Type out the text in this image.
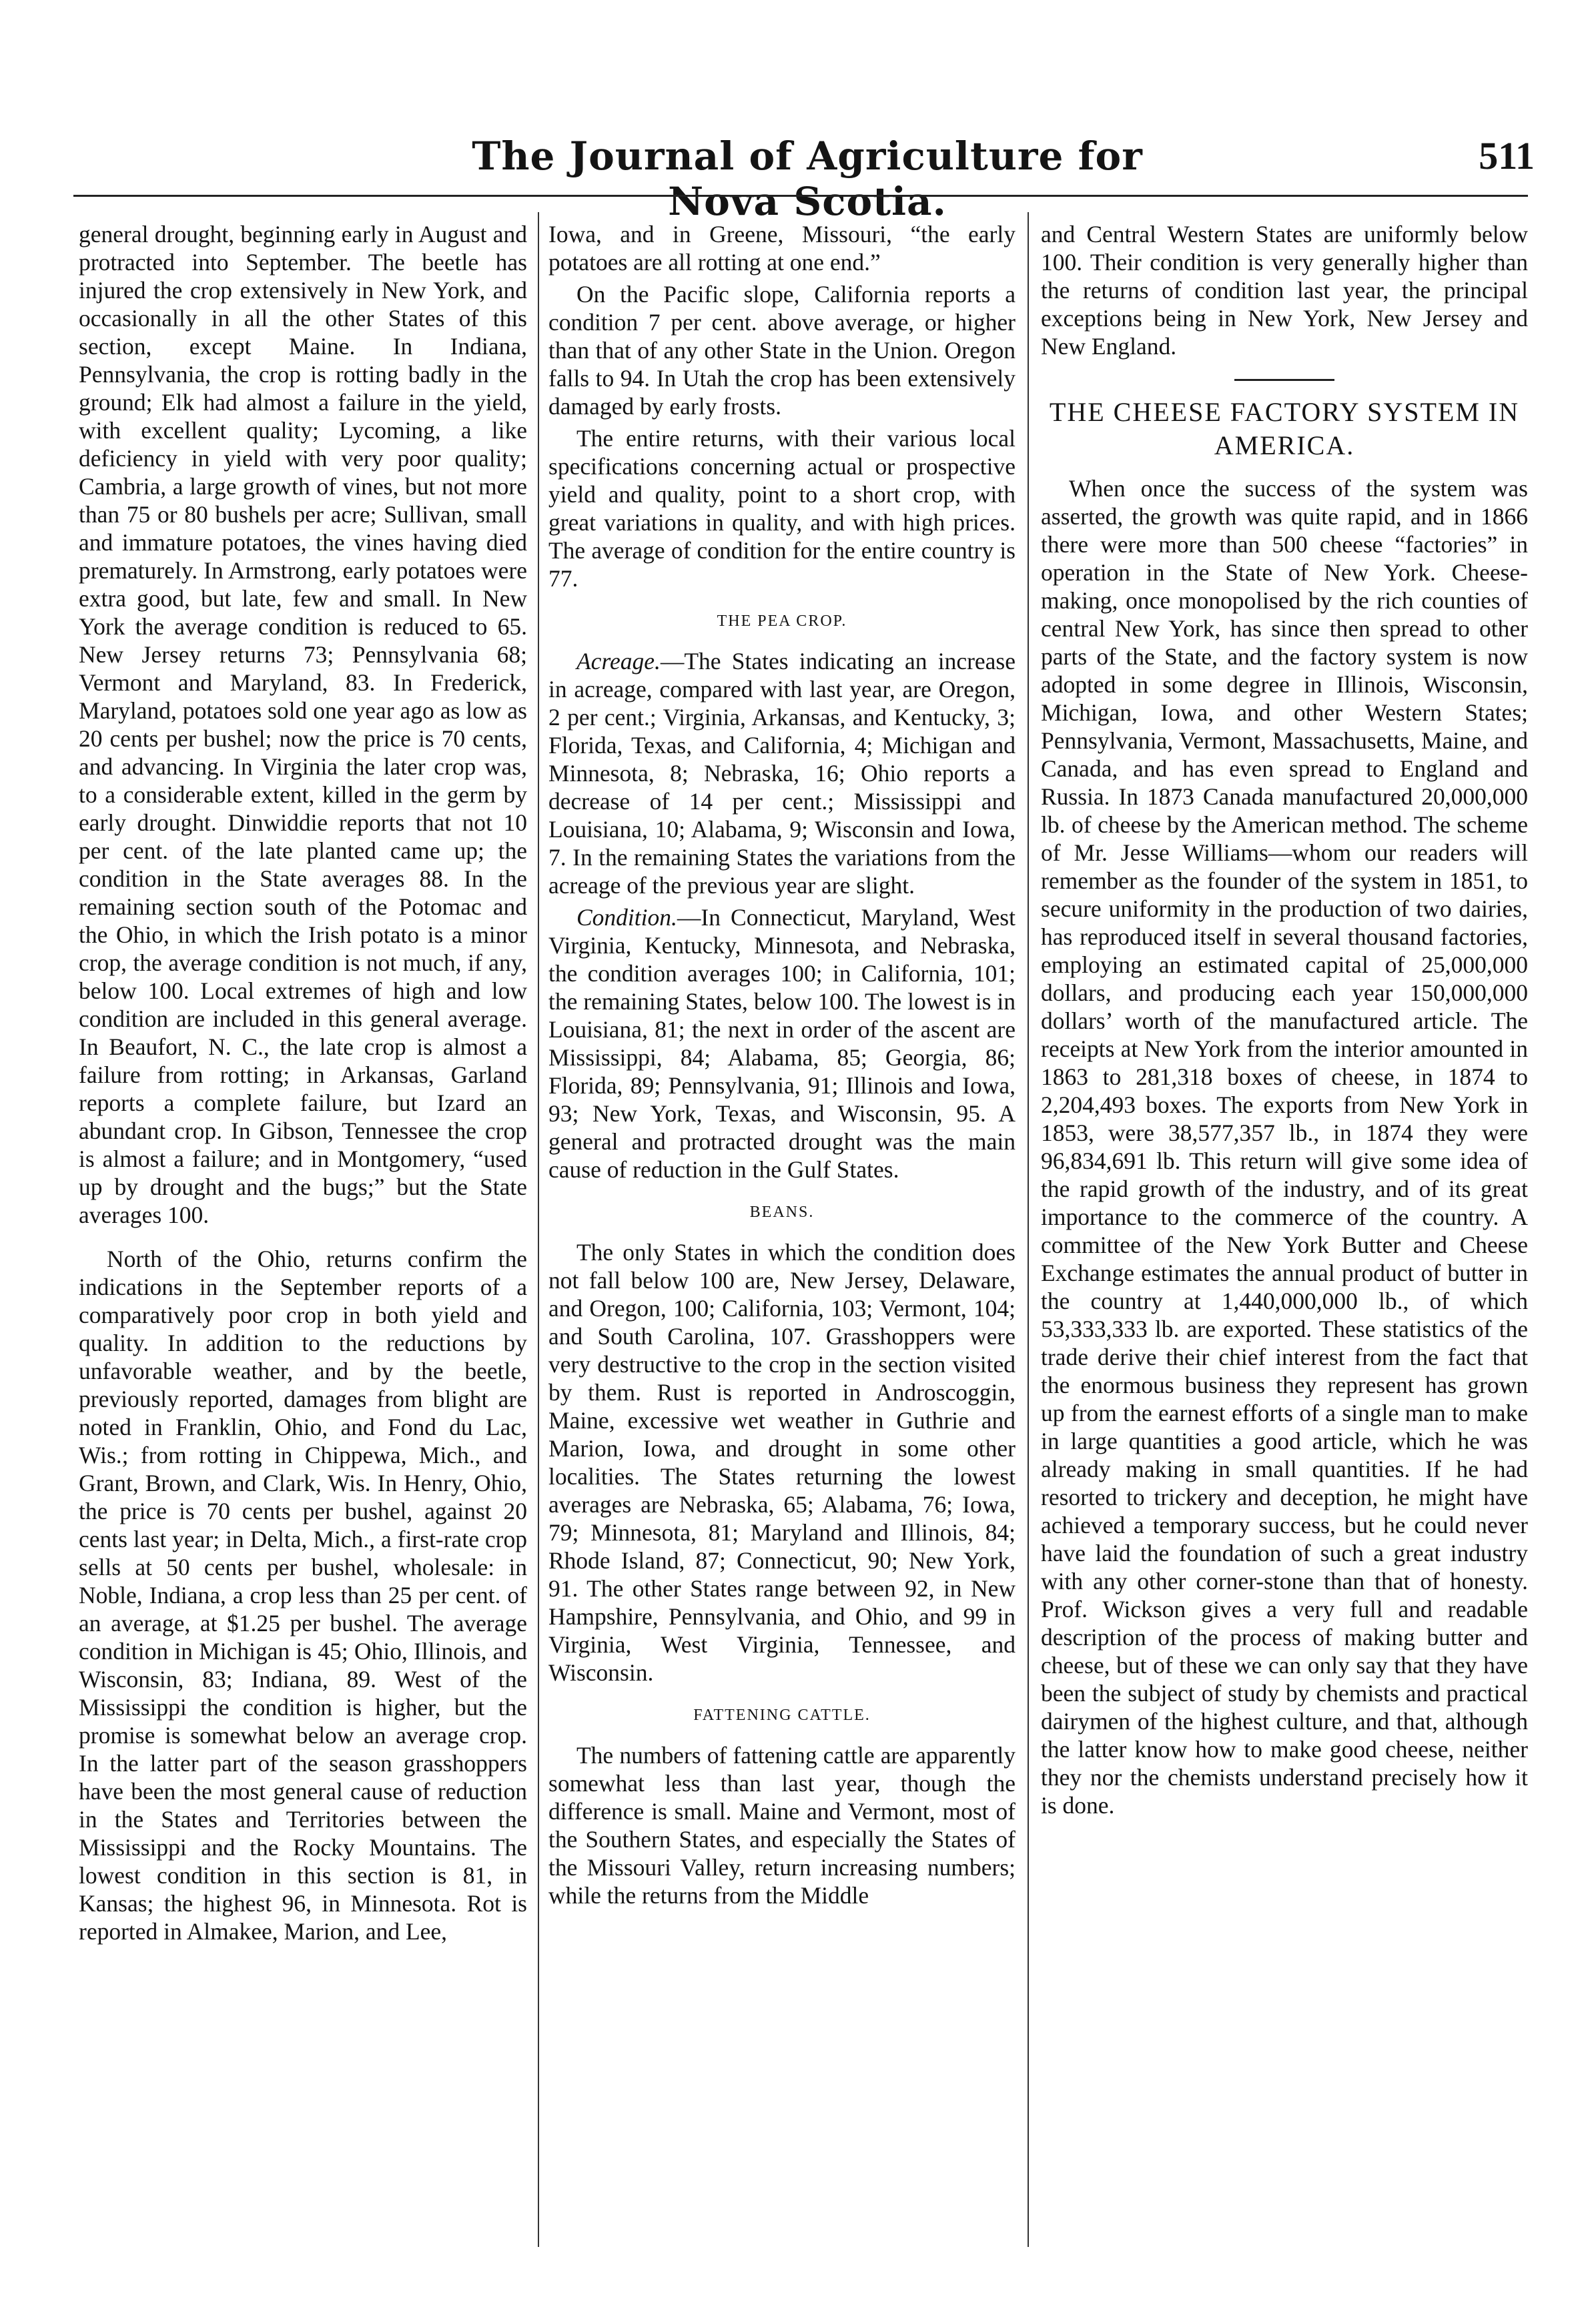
The Journal of Agriculture for Nova Scotia.
511

general drought, beginning early in August and protracted into September. The beetle has injured the crop extensively in New York, and occasionally in all the other States of this section, except Maine. In Indiana, Pennsylvania, the crop is rotting badly in the ground; Elk had almost a failure in the yield, with excellent quality; Lycoming, a like deficiency in yield with very poor quality; Cambria, a large growth of vines, but not more than 75 or 80 bushels per acre; Sullivan, small and immature potatoes, the vines having died prematurely. In Armstrong, early potatoes were extra good, but late, few and small. In New York the average condition is reduced to 65. New Jersey returns 73; Pennsylvania 68; Vermont and Maryland, 83. In Frederick, Maryland, potatoes sold one year ago as low as 20 cents per bushel; now the price is 70 cents, and advancing. In Virginia the later crop was, to a considerable extent, killed in the germ by early drought. Dinwiddie reports that not 10 per cent. of the late planted came up; the condition in the State averages 88. In the remaining section south of the Potomac and the Ohio, in which the Irish potato is a minor crop, the average condition is not much, if any, below 100. Local extremes of high and low condition are included in this general average. In Beaufort, N. C., the late crop is almost a failure from rotting; in Arkansas, Garland reports a complete failure, but Izard an abundant crop. In Gibson, Tennessee the crop is almost a failure; and in Montgomery, “used up by drought and the bugs;” but the State averages 100.

North of the Ohio, returns confirm the indications in the September reports of a comparatively poor crop in both yield and quality. In addition to the reductions by unfavorable weather, and by the beetle, previously reported, damages from blight are noted in Franklin, Ohio, and Fond du Lac, Wis.; from rotting in Chippewa, Mich., and Grant, Brown, and Clark, Wis. In Henry, Ohio, the price is 70 cents per bushel, against 20 cents last year; in Delta, Mich., a first-rate crop sells at 50 cents per bushel, wholesale: in Noble, Indiana, a crop less than 25 per cent. of an average, at $1.25 per bushel. The average condition in Michigan is 45; Ohio, Illinois, and Wisconsin, 83; Indiana, 89. West of the Mississippi the condition is higher, but the promise is somewhat below an average crop. In the latter part of the season grasshoppers have been the most general cause of reduction in the States and Territories between the Mississippi and the Rocky Mountains. The lowest condition in this section is 81, in Kansas; the highest 96, in Minnesota. Rot is reported in Almakee, Marion, and Lee,

Iowa, and in Greene, Missouri, “the early potatoes are all rotting at one end.”

On the Pacific slope, California reports a condition 7 per cent. above average, or higher than that of any other State in the Union. Oregon falls to 94. In Utah the crop has been extensively damaged by early frosts.

The entire returns, with their various local specifications concerning actual or prospective yield and quality, point to a short crop, with great variations in quality, and with high prices. The average of condition for the entire country is 77.

THE PEA CROP.

Acreage.—The States indicating an increase in acreage, compared with last year, are Oregon, 2 per cent.; Virginia, Arkansas, and Kentucky, 3; Florida, Texas, and California, 4; Michigan and Minnesota, 8; Nebraska, 16; Ohio reports a decrease of 14 per cent.; Mississippi and Louisiana, 10; Alabama, 9; Wisconsin and Iowa, 7. In the remaining States the variations from the acreage of the previous year are slight.

Condition.—In Connecticut, Maryland, West Virginia, Kentucky, Minnesota, and Nebraska, the condition averages 100; in California, 101; the remaining States, below 100. The lowest is in Louisiana, 81; the next in order of the ascent are Mississippi, 84; Alabama, 85; Georgia, 86; Florida, 89; Pennsylvania, 91; Illinois and Iowa, 93; New York, Texas, and Wisconsin, 95. A general and protracted drought was the main cause of reduction in the Gulf States.

BEANS.

The only States in which the condition does not fall below 100 are, New Jersey, Delaware, and Oregon, 100; California, 103; Vermont, 104; and South Carolina, 107. Grasshoppers were very destructive to the crop in the section visited by them. Rust is reported in Androscoggin, Maine, excessive wet weather in Guthrie and Marion, Iowa, and drought in some other localities. The States returning the lowest averages are Nebraska, 65; Alabama, 76; Iowa, 79; Minnesota, 81; Maryland and Illinois, 84; Rhode Island, 87; Connecticut, 90; New York, 91. The other States range between 92, in New Hampshire, Pennsylvania, and Ohio, and 99 in Virginia, West Virginia, Tennessee, and Wisconsin.

FATTENING CATTLE.

The numbers of fattening cattle are apparently somewhat less than last year, though the difference is small. Maine and Vermont, most of the Southern States, and especially the States of the Missouri Valley, return increasing numbers; while the returns from the Middle

and Central Western States are uniformly below 100. Their condition is very generally higher than the returns of condition last year, the principal exceptions being in New York, New Jersey and New England.

THE CHEESE FACTORY SYSTEM IN AMERICA.

When once the success of the system was asserted, the growth was quite rapid, and in 1866 there were more than 500 cheese “factories” in operation in the State of New York. Cheese-making, once monopolised by the rich counties of central New York, has since then spread to other parts of the State, and the factory system is now adopted in some degree in Illinois, Wisconsin, Michigan, Iowa, and other Western States; Pennsylvania, Vermont, Massachusetts, Maine, and Canada, and has even spread to England and Russia. In 1873 Canada manufactured 20,000,000 lb. of cheese by the American method. The scheme of Mr. Jesse Williams—whom our readers will remember as the founder of the system in 1851, to secure uniformity in the production of two dairies, has reproduced itself in several thousand factories, employing an estimated capital of 25,000,000 dollars, and producing each year 150,000,000 dollars’ worth of the manufactured article. The receipts at New York from the interior amounted in 1863 to 281,318 boxes of cheese, in 1874 to 2,204,493 boxes. The exports from New York in 1853, were 38,577,357 lb., in 1874 they were 96,834,691 lb. This return will give some idea of the rapid growth of the industry, and of its great importance to the commerce of the country. A committee of the New York Butter and Cheese Exchange estimates the annual product of butter in the country at 1,440,000,000 lb., of which 53,333,333 lb. are exported. These statistics of the trade derive their chief interest from the fact that the enormous business they represent has grown up from the earnest efforts of a single man to make in large quantities a good article, which he was already making in small quantities. If he had resorted to trickery and deception, he might have achieved a temporary success, but he could never have laid the foundation of such a great industry with any other corner-stone than that of honesty. Prof. Wickson gives a very full and readable description of the process of making butter and cheese, but of these we can only say that they have been the subject of study by chemists and practical dairymen of the highest culture, and that, although the latter know how to make good cheese, neither they nor the chemists understand precisely how it is done.
